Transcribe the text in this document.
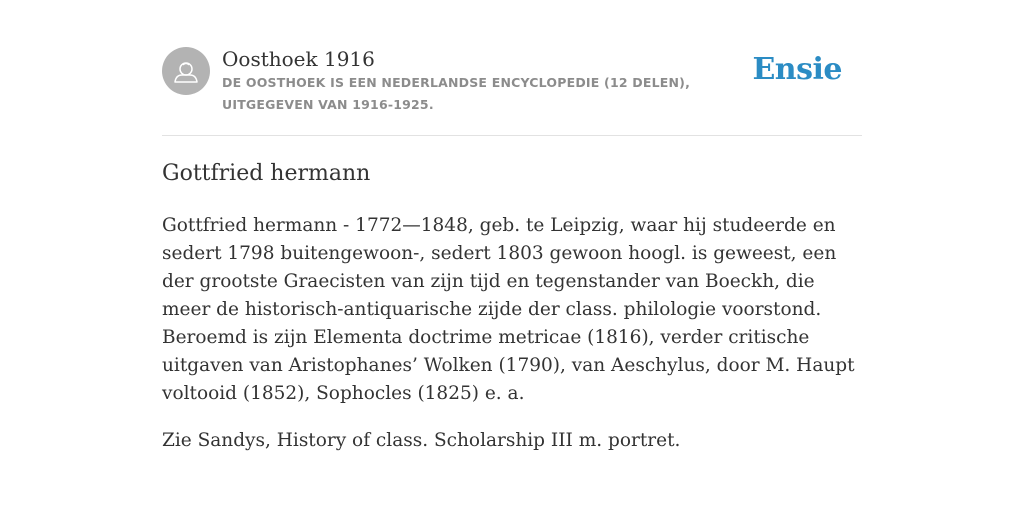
Oosthoek 1916
DE OOSTHOEK IS EEN NEDERLANDSE ENCYCLOPEDIE (12 DELEN), UITGEGEVEN VAN 1916-1925.
Ensie
Gottfried hermann

Gottfried hermann - 1772—1848, geb. te Leipzig, waar hij studeerde en sedert 1798 buitengewoon-, sedert 1803 gewoon hoogl. is geweest, een der grootste Graecisten van zijn tijd en tegenstander van Boeckh, die meer de historisch-antiquarische zijde der class. philologie voorstond. Beroemd is zijn Elementa doctrime metricae (1816), verder critische uitgaven van Aristophanes’ Wolken (1790), van Aeschylus, door M. Haupt voltooid (1852), Sophocles (1825) e. a.

Zie Sandys, History of class. Scholarship III m. portret.
